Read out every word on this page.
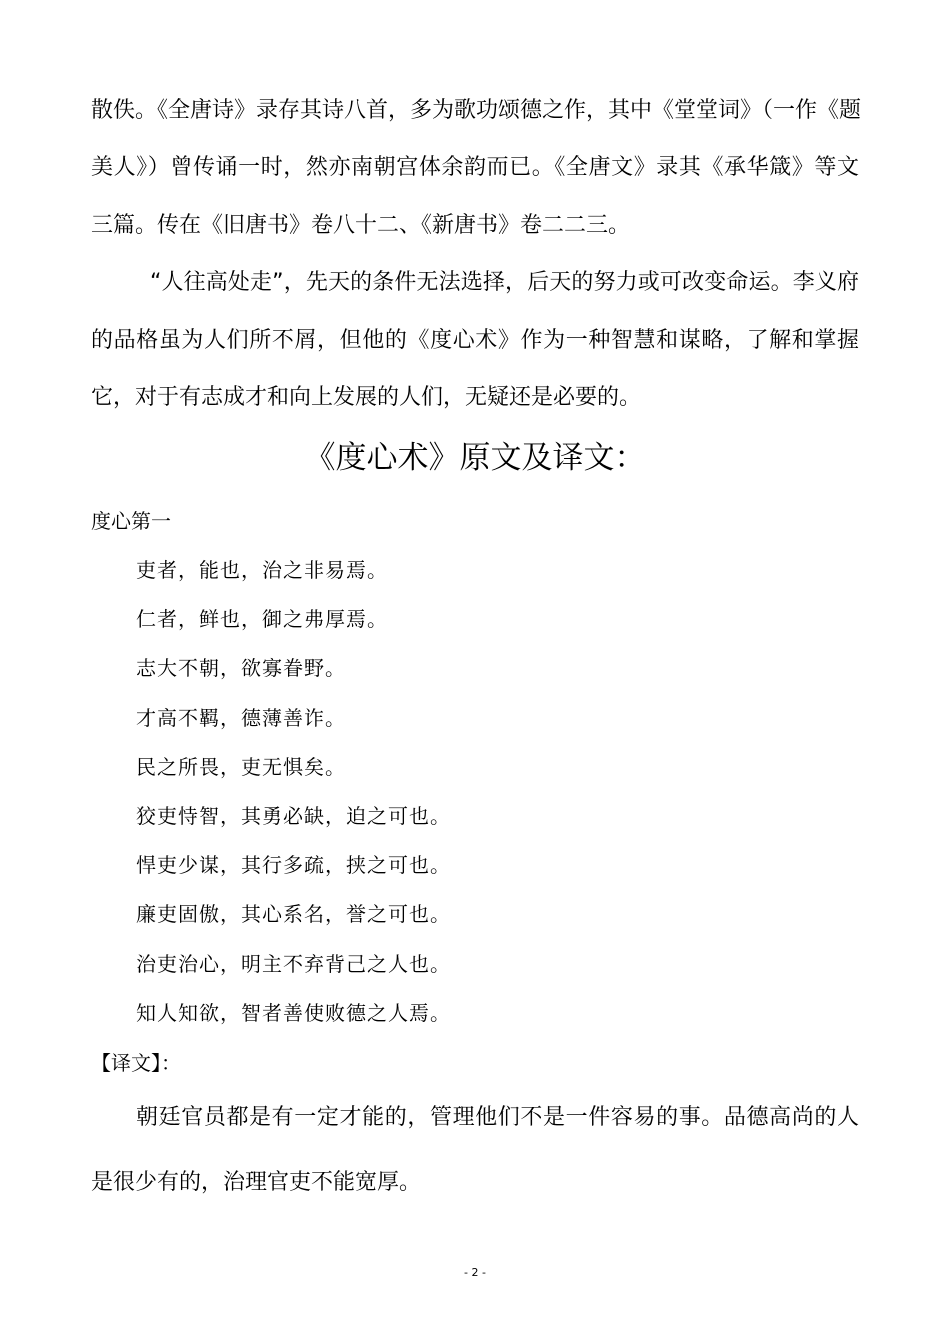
散佚。《全唐诗》录存其诗八首，多为歌功颂德之作，其中《堂堂词》（一作《题
美人》）曾传诵一时，然亦南朝宫体余韵而已。《全唐文》录其《承华箴》等文
三篇。传在《旧唐书》卷八十二、《新唐书》卷二二三。
“人往高处走”，先天的条件无法选择，后天的努力或可改变命运。李义府
的品格虽为人们所不屑，但他的《度心术》作为一种智慧和谋略，了解和掌握
它，对于有志成才和向上发展的人们，无疑还是必要的。
《度心术》原文及译文：
度心第一
吏者，能也，治之非易焉。
仁者，鲜也，御之弗厚焉。
志大不朝，欲寡眷野。
才高不羁，德薄善诈。
民之所畏，吏无惧矣。
狡吏恃智，其勇必缺，迫之可也。
悍吏少谋，其行多疏，挟之可也。
廉吏固傲，其心系名，誉之可也。
治吏治心，明主不弃背己之人也。
知人知欲，智者善使败德之人焉。
【译文】：
朝廷官员都是有一定才能的，管理他们不是一件容易的事。品德高尚的人
是很少有的，治理官吏不能宽厚。
- 2 -
